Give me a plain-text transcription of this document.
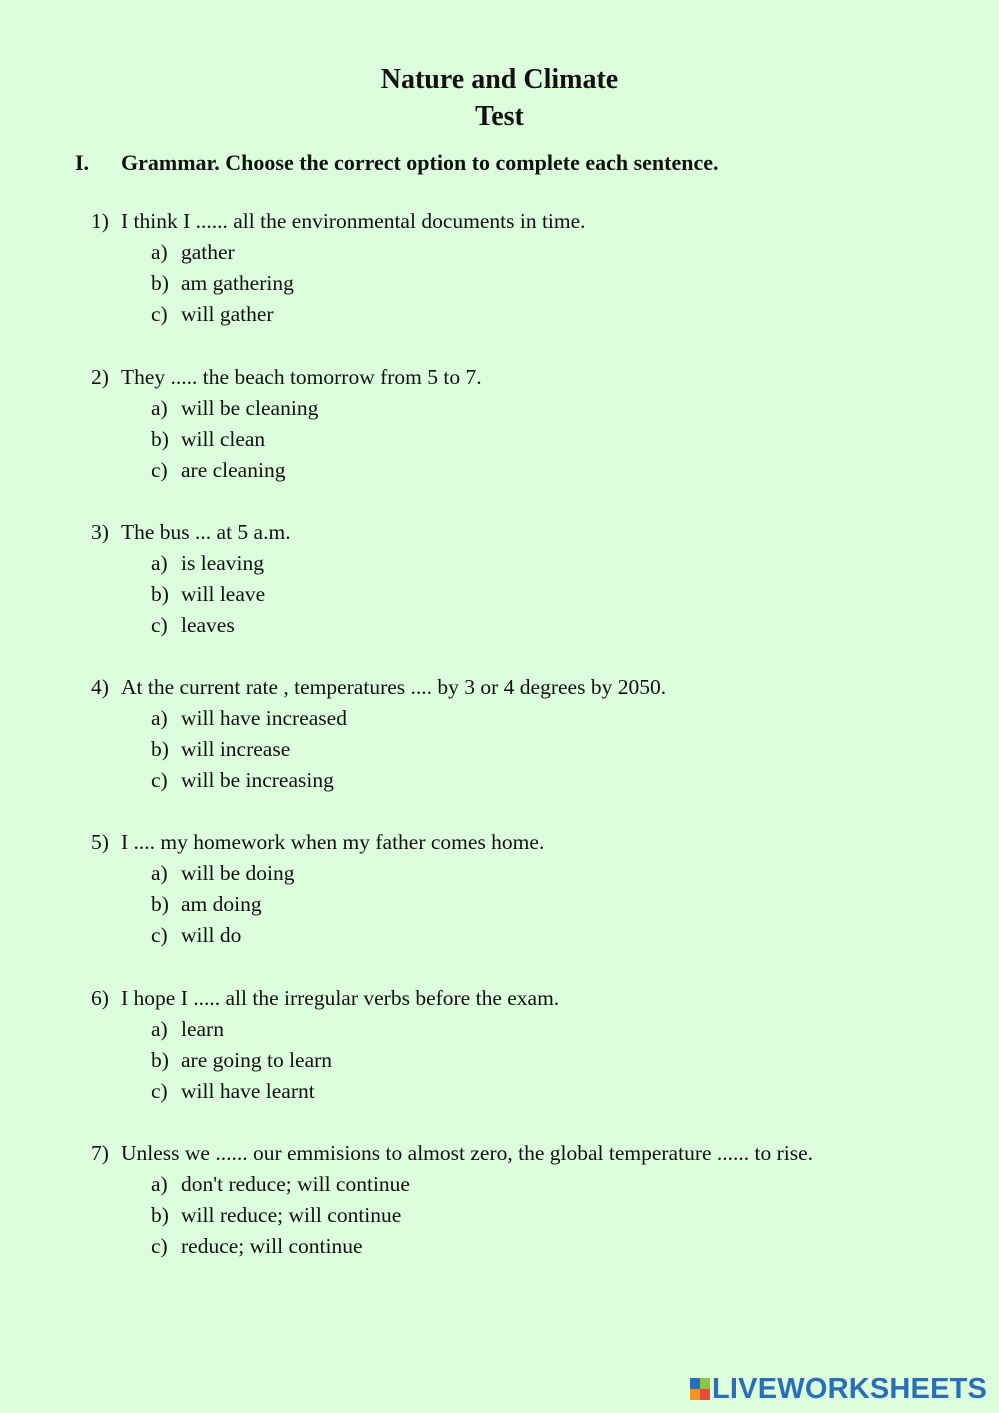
Nature and Climate
Test
I. Grammar. Choose the correct option to complete each sentence.
1) I think I ...... all the environmental documents in time.
a) gather
b) am gathering
c) will gather
2) They ..... the beach tomorrow from 5 to 7.
a) will be cleaning
b) will clean
c) are cleaning
3) The bus ... at 5 a.m.
a) is leaving
b) will leave
c) leaves
4) At the current rate , temperatures .... by 3 or 4 degrees by 2050.
a) will have increased
b) will increase
c) will be increasing
5) I .... my homework when my father comes home.
a) will be doing
b) am doing
c) will do
6) I hope I ..... all the irregular verbs before the exam.
a) learn
b) are going to learn
c) will have learnt
7) Unless we ...... our emmisions to almost zero, the global temperature ...... to rise.
a) don't reduce; will continue
b) will reduce; will continue
c) reduce; will continue
LIVEWORKSHEETS
